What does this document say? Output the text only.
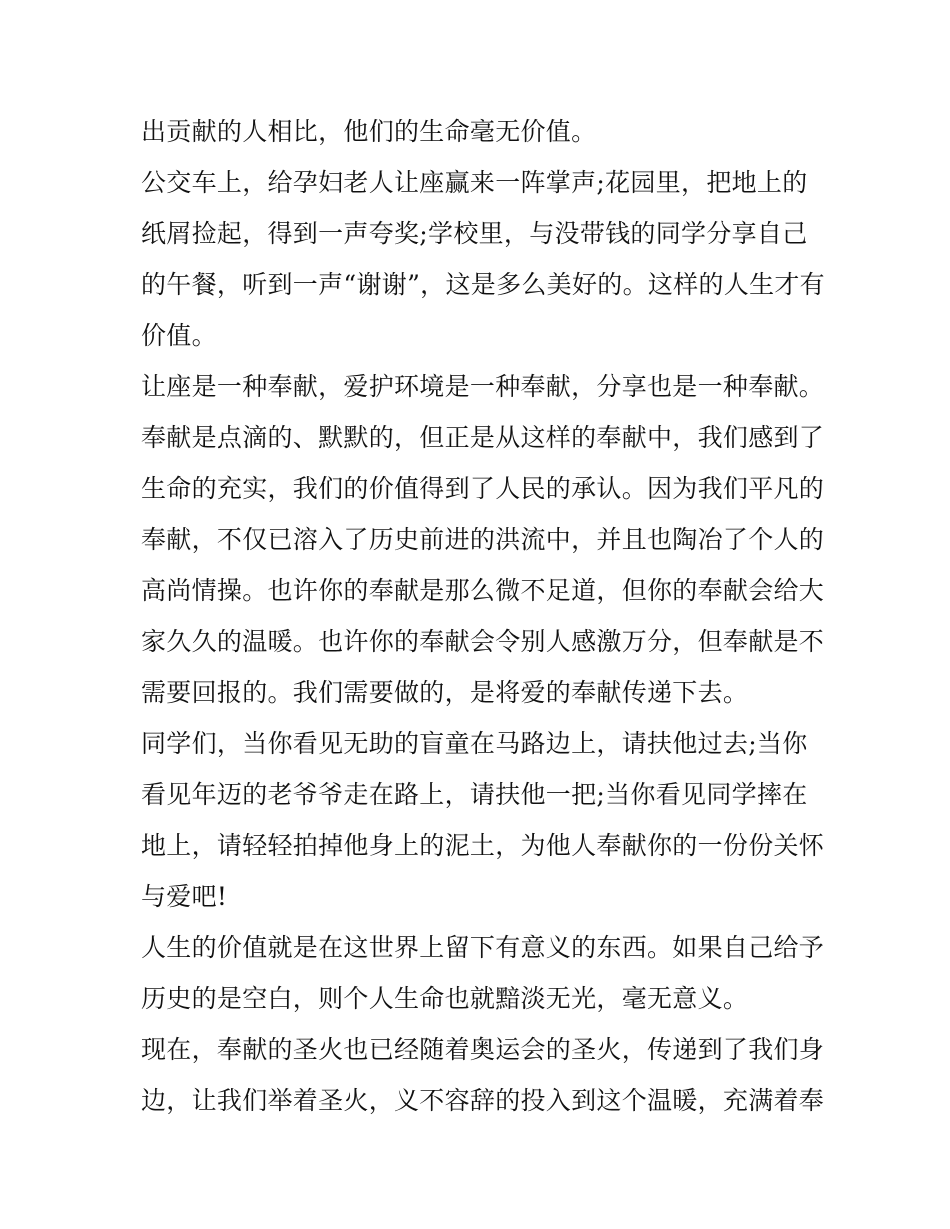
出贡献的人相比，他们的生命毫无价值。
公交车上，给孕妇老人让座赢来一阵掌声;花园里，把地上的
纸屑捡起，得到一声夸奖;学校里，与没带钱的同学分享自己
的午餐，听到一声“谢谢”，这是多么美好的。这样的人生才有
价值。
让座是一种奉献，爱护环境是一种奉献，分享也是一种奉献。
奉献是点滴的、默默的，但正是从这样的奉献中，我们感到了
生命的充实，我们的价值得到了人民的承认。因为我们平凡的
奉献，不仅已溶入了历史前进的洪流中，并且也陶冶了个人的
高尚情操。也许你的奉献是那么微不足道，但你的奉献会给大
家久久的温暖。也许你的奉献会令别人感激万分，但奉献是不
需要回报的。我们需要做的，是将爱的奉献传递下去。
同学们，当你看见无助的盲童在马路边上，请扶他过去;当你
看见年迈的老爷爷走在路上，请扶他一把;当你看见同学摔在
地上，请轻轻拍掉他身上的泥土，为他人奉献你的一份份关怀
与爱吧!
人生的价值就是在这世界上留下有意义的东西。如果自己给予
历史的是空白，则个人生命也就黯淡无光，毫无意义。
现在，奉献的圣火也已经随着奥运会的圣火，传递到了我们身
边，让我们举着圣火，义不容辞的投入到这个温暖，充满着奉
